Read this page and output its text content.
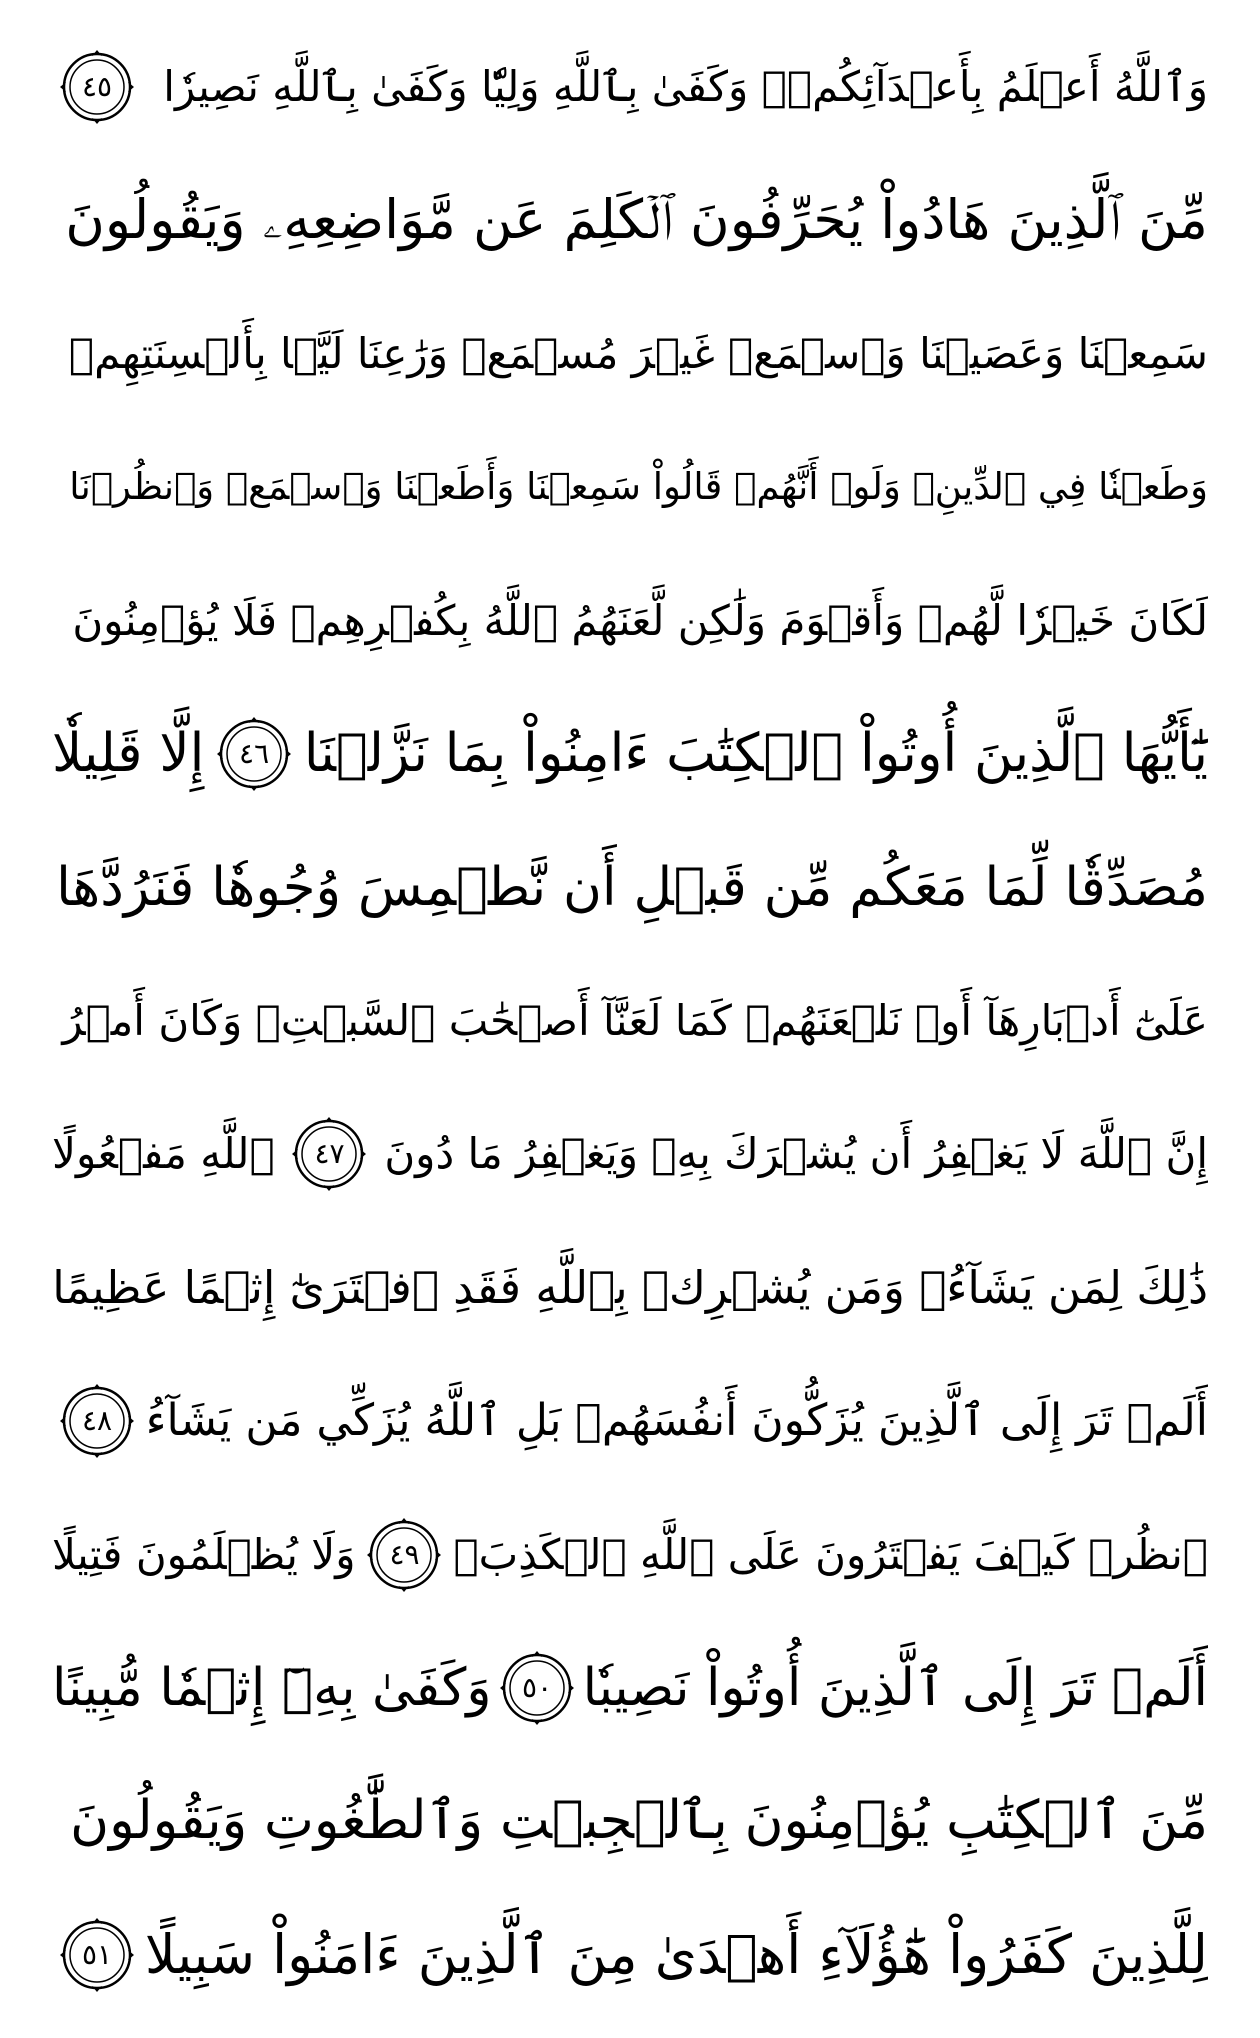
وَٱللَّهُ أَعۡلَمُ بِأَعۡدَآئِكُمۡۚ وَكَفَىٰ بِٱللَّهِ وَلِيّٗا وَكَفَىٰ بِٱللَّهِ نَصِيرٗا
٤٥
مِّنَ ٱلَّذِينَ هَادُواْ يُحَرِّفُونَ ٱلۡكَلِمَ عَن مَّوَاضِعِهِۦ وَيَقُولُونَ
سَمِعۡنَا وَعَصَيۡنَا وَٱسۡمَعۡ غَيۡرَ مُسۡمَعٖ وَرَٰعِنَا لَيَّۢا بِأَلۡسِنَتِهِمۡ
وَطَعۡنٗا فِي ٱلدِّينِۚ وَلَوۡ أَنَّهُمۡ قَالُواْ سَمِعۡنَا وَأَطَعۡنَا وَٱسۡمَعۡ وَٱنظُرۡنَا
لَكَانَ خَيۡرٗا لَّهُمۡ وَأَقۡوَمَ وَلَٰكِن لَّعَنَهُمُ ٱللَّهُ بِكُفۡرِهِمۡ فَلَا يُؤۡمِنُونَ
يَٰٓأَيُّهَا ٱلَّذِينَ أُوتُواْ ٱلۡكِتَٰبَ ءَامِنُواْ بِمَا نَزَّلۡنَا
٤٦
إِلَّا قَلِيلٗا
مُصَدِّقٗا لِّمَا مَعَكُم مِّن قَبۡلِ أَن نَّطۡمِسَ وُجُوهٗا فَنَرُدَّهَا
عَلَىٰٓ أَدۡبَارِهَآ أَوۡ نَلۡعَنَهُمۡ كَمَا لَعَنَّآ أَصۡحَٰبَ ٱلسَّبۡتِۚ وَكَانَ أَمۡرُ
إِنَّ ٱللَّهَ لَا يَغۡفِرُ أَن يُشۡرَكَ بِهِۦ وَيَغۡفِرُ مَا دُونَ
٤٧
ٱللَّهِ مَفۡعُولًا
ذَٰلِكَ لِمَن يَشَآءُۚ وَمَن يُشۡرِكۡ بِٱللَّهِ فَقَدِ ٱفۡتَرَىٰٓ إِثۡمًا عَظِيمًا
أَلَمۡ تَرَ إِلَى ٱلَّذِينَ يُزَكُّونَ أَنفُسَهُمۚ بَلِ ٱللَّهُ يُزَكِّي مَن يَشَآءُ
٤٨
ٱنظُرۡ كَيۡفَ يَفۡتَرُونَ عَلَى ٱللَّهِ ٱلۡكَذِبَۖ
٤٩
وَلَا يُظۡلَمُونَ فَتِيلًا
أَلَمۡ تَرَ إِلَى ٱلَّذِينَ أُوتُواْ نَصِيبٗا
٥٠
وَكَفَىٰ بِهِۦٓ إِثۡمٗا مُّبِينًا
مِّنَ ٱلۡكِتَٰبِ يُؤۡمِنُونَ بِٱلۡجِبۡتِ وَٱلطَّٰغُوتِ وَيَقُولُونَ
لِلَّذِينَ كَفَرُواْ هَٰٓؤُلَآءِ أَهۡدَىٰ مِنَ ٱلَّذِينَ ءَامَنُواْ سَبِيلًا
٥١
